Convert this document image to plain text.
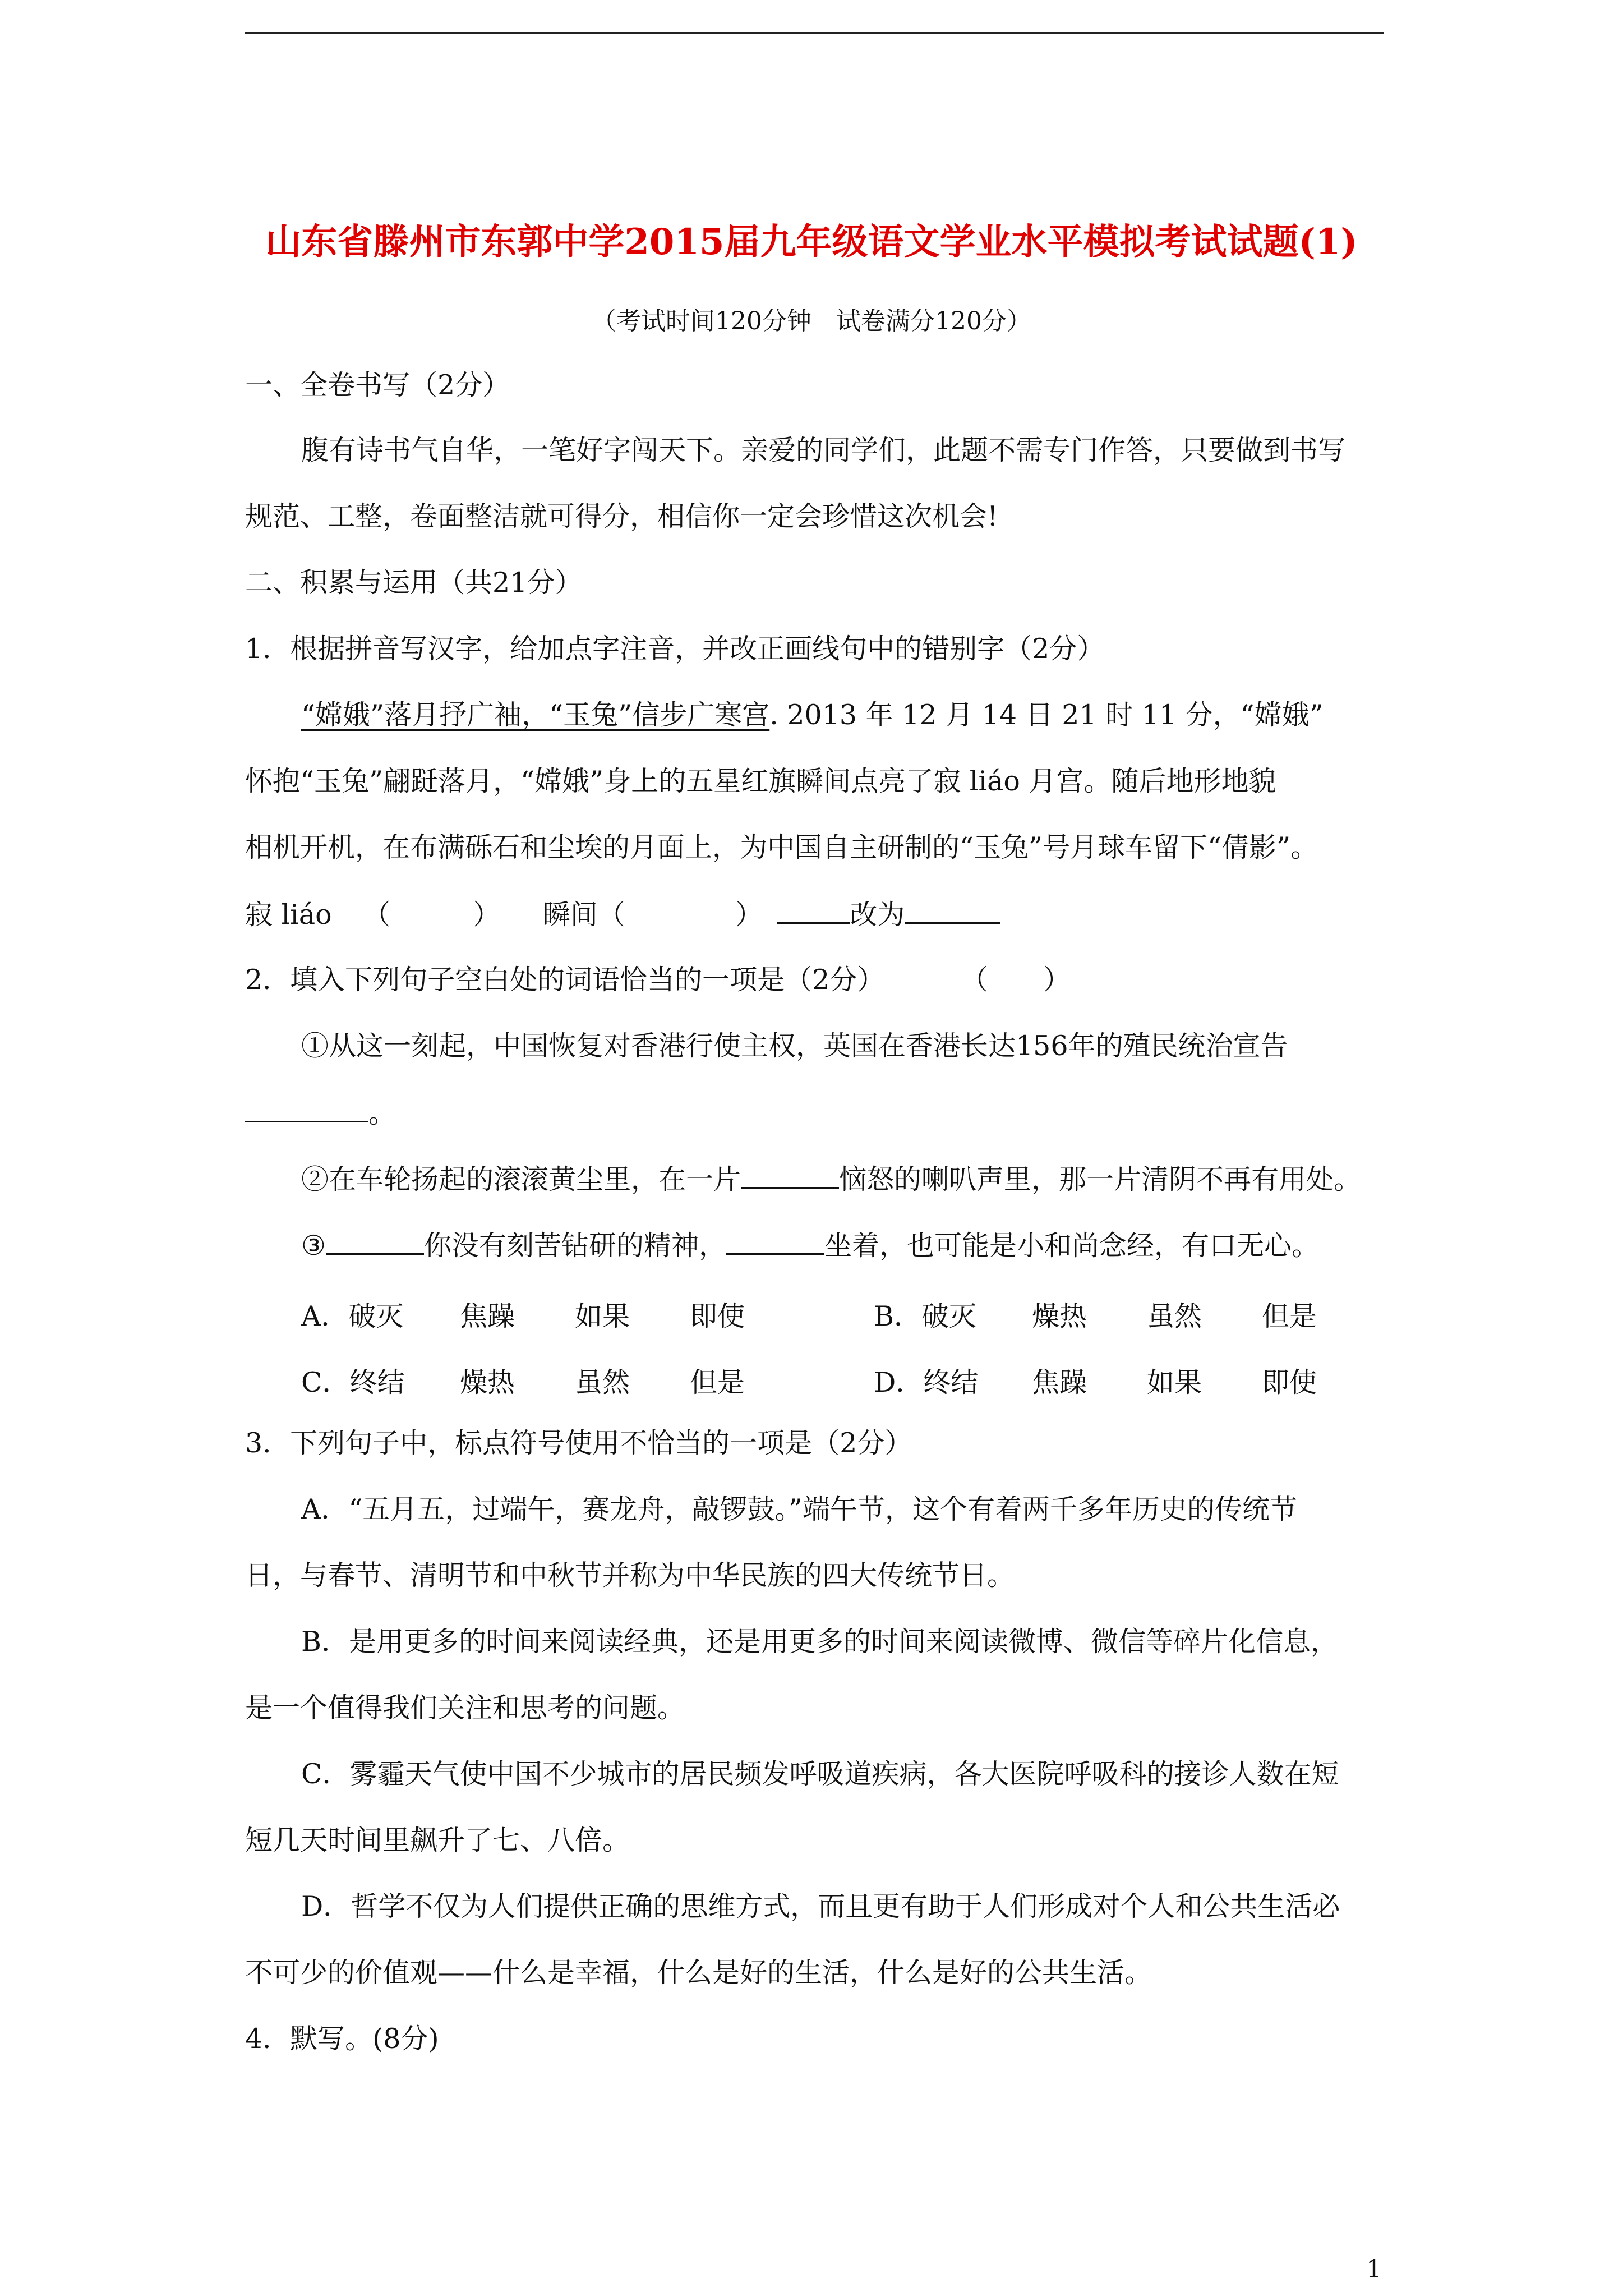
山东省滕州市东郭中学2015届九年级语文学业水平模拟考试试题(1)
（考试时间120分钟　试卷满分120分）
一、全卷书写（2分）
腹有诗书气自华，一笔好字闯天下。亲爱的同学们，此题不需专门作答，只要做到书写
规范、工整，卷面整洁就可得分，相信你一定会珍惜这次机会!
二、积累与运用（共21分）
1．根据拼音写汉字，给加点字注音，并改正画线句中的错别字（2分）
“嫦娥”落月抒广袖，“玉兔”信步广寒宫. 2013 年 12 月 14 日 21 时 11 分，“嫦娥”
怀抱“玉兔”翩跹落月，“嫦娥”身上的五星红旗瞬间点亮了寂 liáo 月宫。随后地形地貌
相机开机，在布满砾石和尘埃的月面上，为中国自主研制的“玉兔”号月球车留下“倩影”。
寂 liáo （　　　） 瞬间（　　　　）	改为
2．填入下列句子空白处的词语恰当的一项是（2分）	（　　）
①从这一刻起，中国恢复对香港行使主权，英国在香港长达156年的殖民统治宣告
。
②在车轮扬起的滚滚黄尘里，在一片	恼怒的喇叭声里，那一片清阴不再有用处。
③	你没有刻苦钻研的精神，	坐着，也可能是小和尚念经，有口无心。
A．破灭 焦躁 如果 即使	B．破灭 燥热 虽然 但是
C．终结 燥热 虽然 但是	D．终结 焦躁 如果 即使
3．下列句子中，标点符号使用不恰当的一项是（2分）
A．“五月五，过端午，赛龙舟，敲锣鼓。”端午节，这个有着两千多年历史的传统节
日，与春节、清明节和中秋节并称为中华民族的四大传统节日。
B．是用更多的时间来阅读经典，还是用更多的时间来阅读微博、微信等碎片化信息，
是一个值得我们关注和思考的问题。
C．雾霾天气使中国不少城市的居民频发呼吸道疾病，各大医院呼吸科的接诊人数在短
短几天时间里飙升了七、八倍。
D．哲学不仅为人们提供正确的思维方式，而且更有助于人们形成对个人和公共生活必
不可少的价值观——什么是幸福，什么是好的生活，什么是好的公共生活。
4．默写。(8分)
1
